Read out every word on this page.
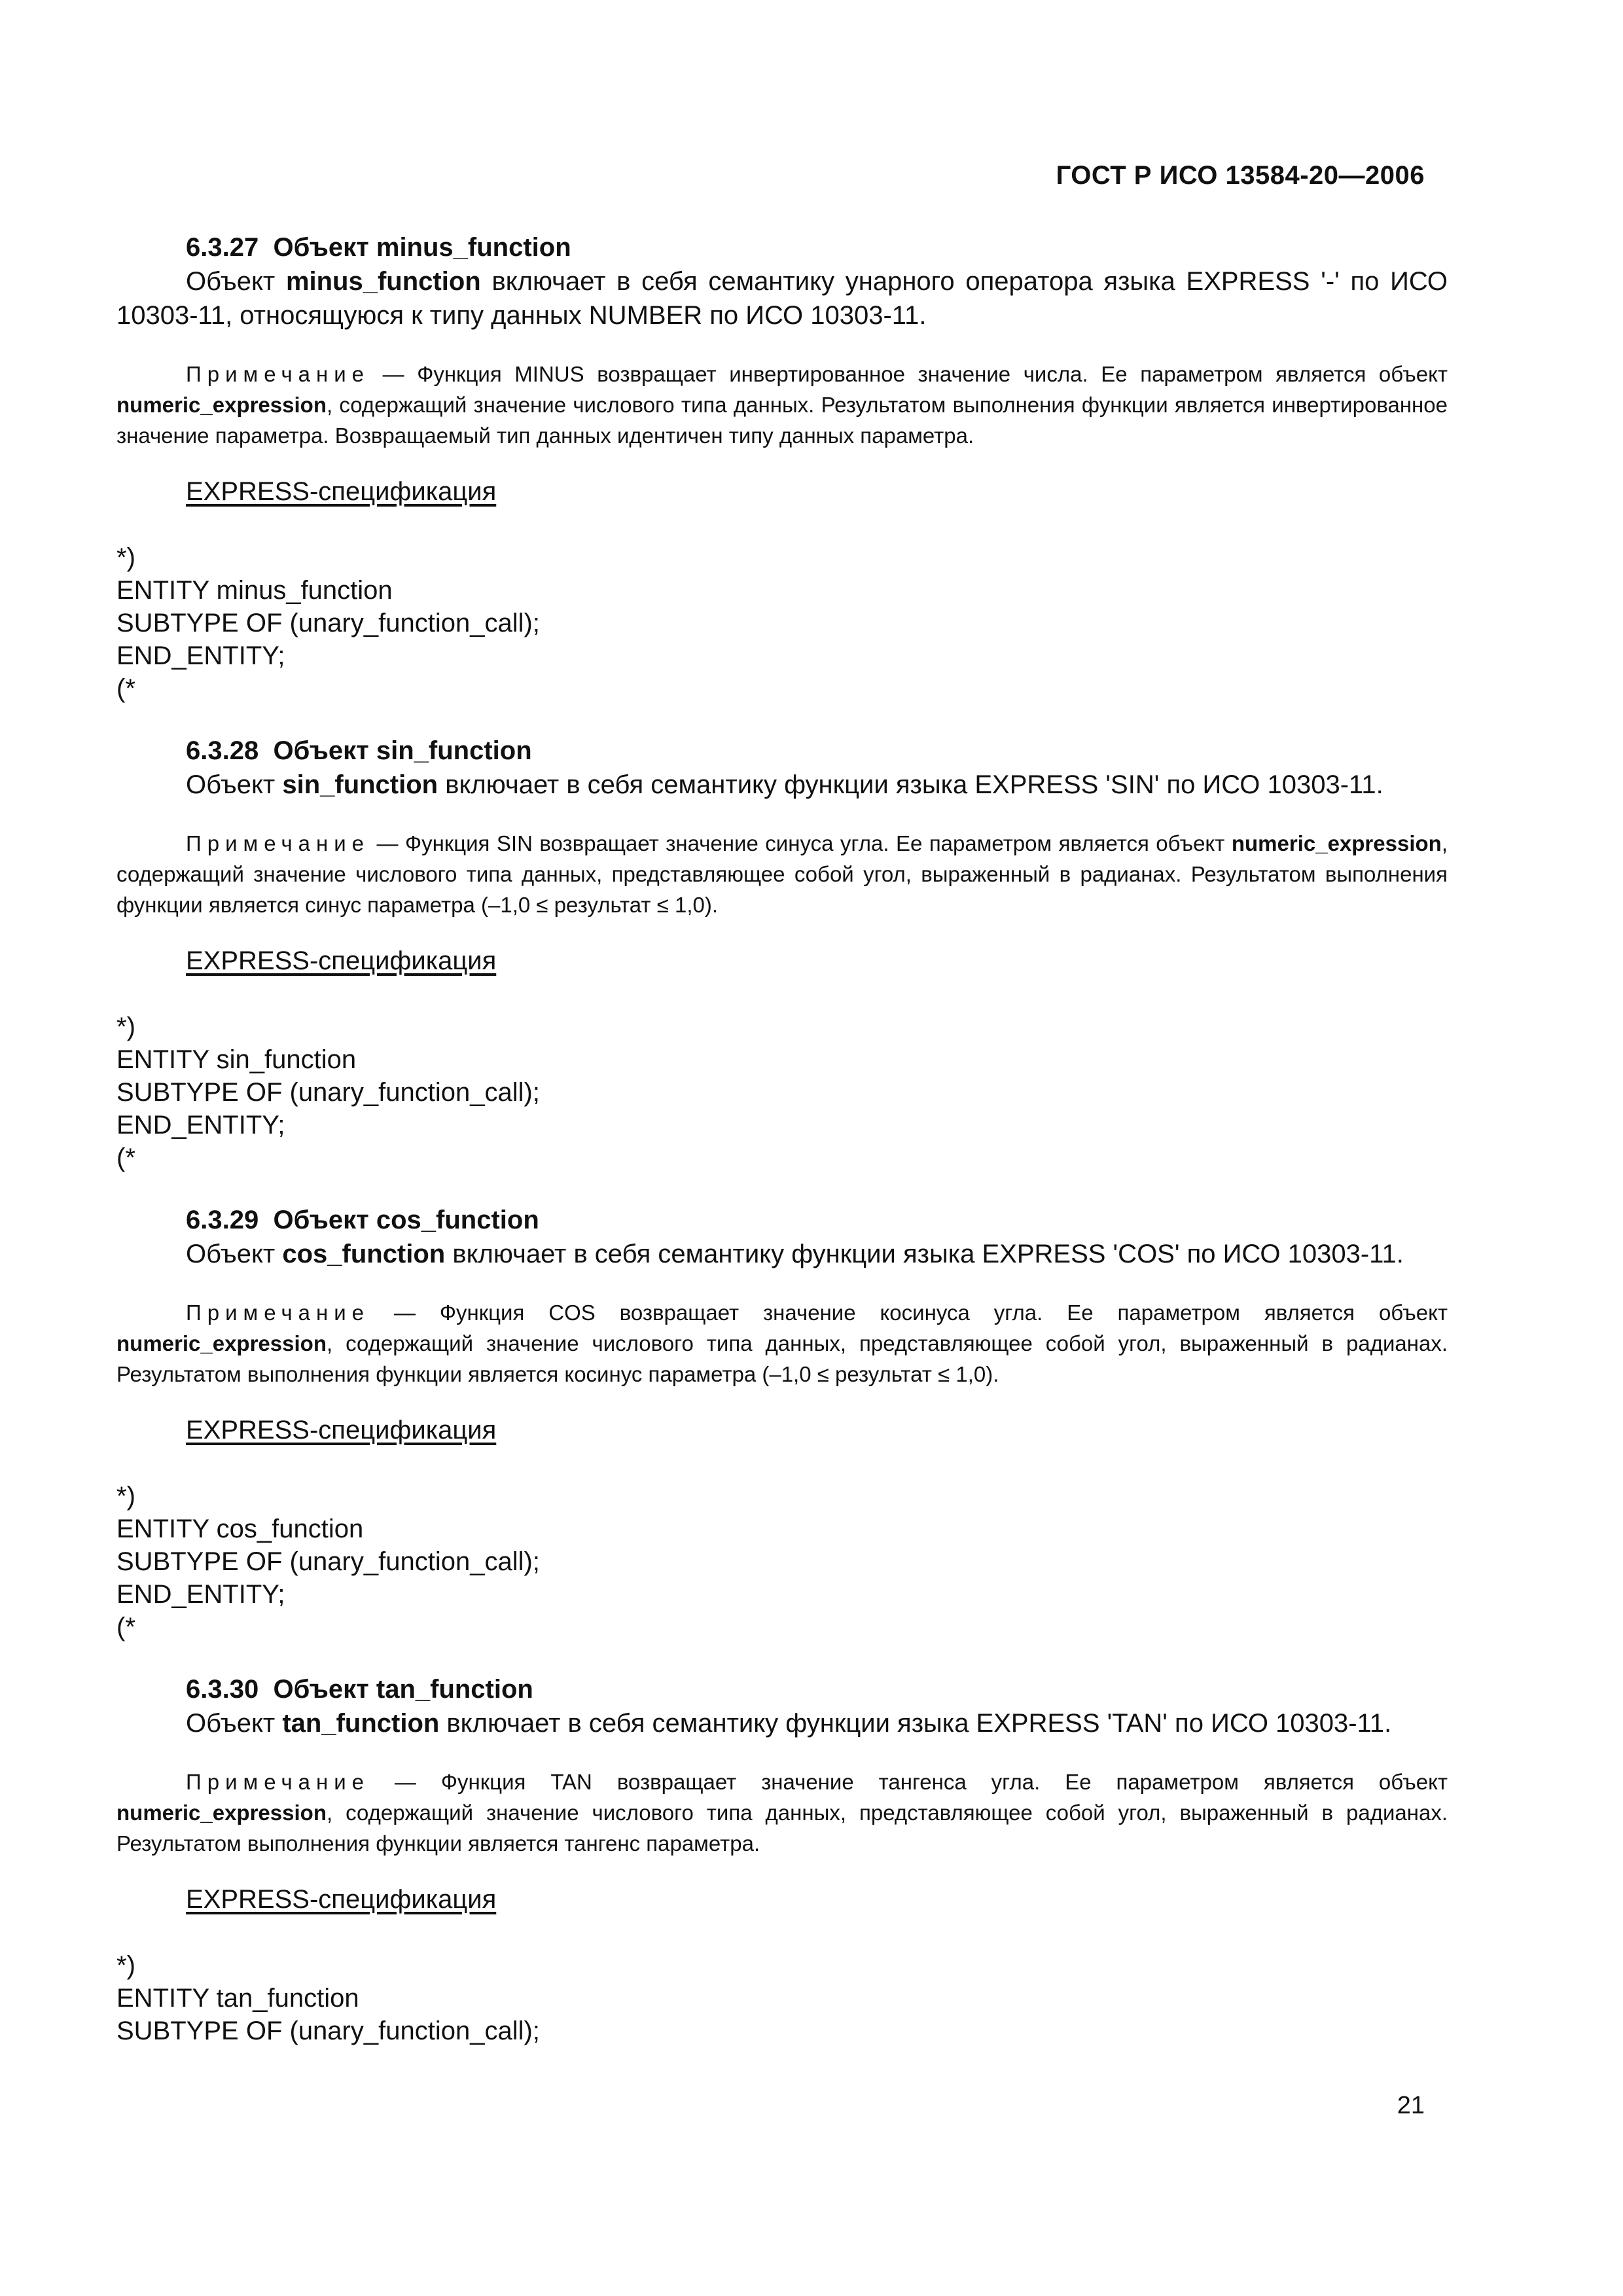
ГОСТ Р ИСО 13584-20—2006
6.3.27 Объект minus_function
Объект minus_function включает в себя семантику унарного оператора языка EXPRESS '-' по ИСО 10303-11, относящуюся к типу данных NUMBER по ИСО 10303-11.
Примечание — Функция MINUS возвращает инвертированное значение числа. Ее параметром является объект numeric_expression, содержащий значение числового типа данных. Результатом выполнения функции является инвертированное значение параметра. Возвращаемый тип данных идентичен типу данных параметра.
EXPRESS-спецификация
*)
ENTITY minus_function
SUBTYPE OF (unary_function_call);
END_ENTITY;
(*
6.3.28 Объект sin_function
Объект sin_function включает в себя семантику функции языка EXPRESS 'SIN' по ИСО 10303-11.
Примечание — Функция SIN возвращает значение синуса угла. Ее параметром является объект numeric_expression, содержащий значение числового типа данных, представляющее собой угол, выраженный в радианах. Результатом выполнения функции является синус параметра (–1,0 ≤ результат ≤ 1,0).
EXPRESS-спецификация
*)
ENTITY sin_function
SUBTYPE OF (unary_function_call);
END_ENTITY;
(*
6.3.29 Объект cos_function
Объект cos_function включает в себя семантику функции языка EXPRESS 'COS' по ИСО 10303-11.
Примечание — Функция COS возвращает значение косинуса угла. Ее параметром является объект numeric_expression, содержащий значение числового типа данных, представляющее собой угол, выраженный в радианах. Результатом выполнения функции является косинус параметра (–1,0 ≤ результат ≤ 1,0).
EXPRESS-спецификация
*)
ENTITY cos_function
SUBTYPE OF (unary_function_call);
END_ENTITY;
(*
6.3.30 Объект tan_function
Объект tan_function включает в себя семантику функции языка EXPRESS 'TAN' по ИСО 10303-11.
Примечание — Функция TAN возвращает значение тангенса угла. Ее параметром является объект numeric_expression, содержащий значение числового типа данных, представляющее собой угол, выраженный в радианах. Результатом выполнения функции является тангенс параметра.
EXPRESS-спецификация
*)
ENTITY tan_function
SUBTYPE OF (unary_function_call);
21
